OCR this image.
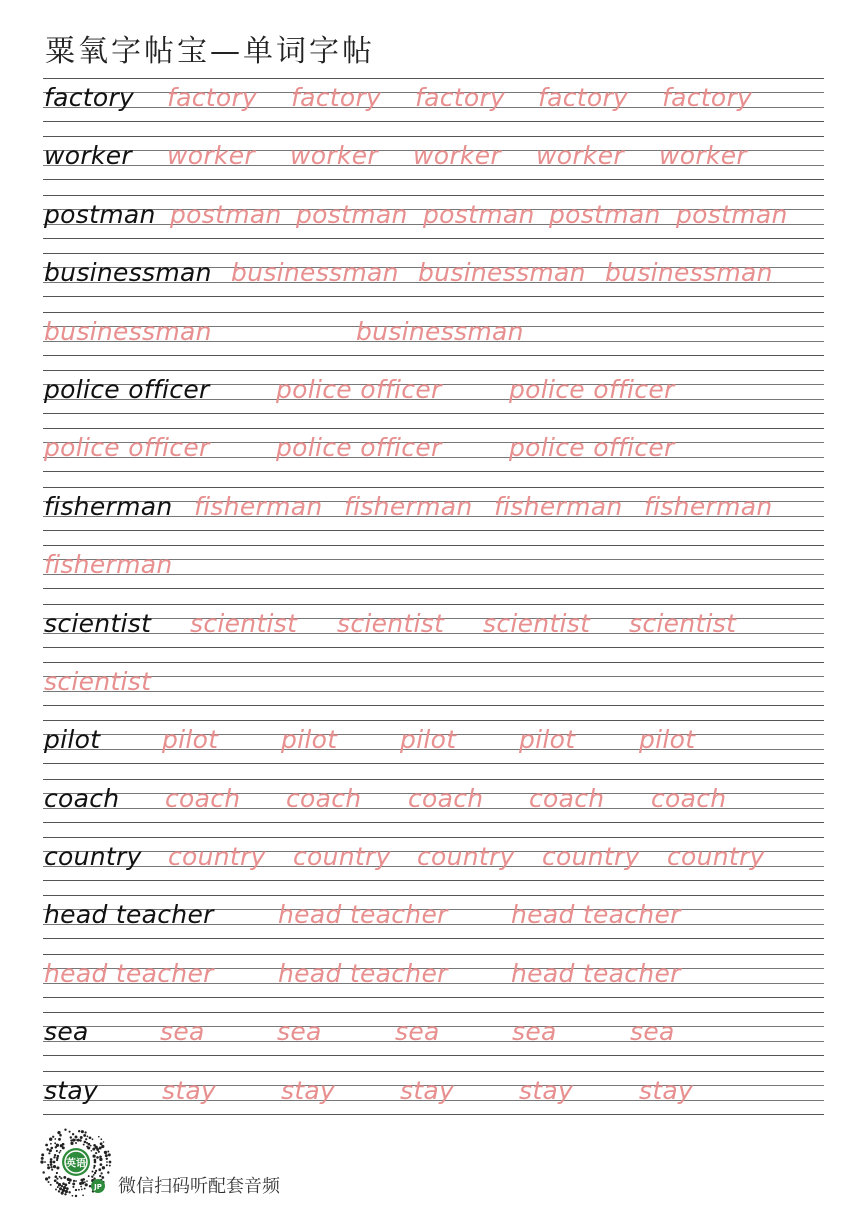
粟氧字帖宝—单词字帖
factory factory factory factory factory factory
worker worker worker worker worker worker
postman postman postman postman postman postman
businessman businessman businessman businessman
businessman	businessman
police officer	police officer	police officer
police officer	police officer	police officer
fisherman fisherman fisherman fisherman fisherman
fisherman
scientist scientist scientist scientist scientist
scientist
pilot pilot	pilot	pilot	pilot	pilot
coach coach coach coach coach coach
country country country country country country
head teacher	head teacher	head teacher
head teacher	head teacher	head teacher
sea	sea	sea	sea	sea	sea
stay	stay	stay	stay	stay	stay
英语
JP 微信扫码听配套音频
